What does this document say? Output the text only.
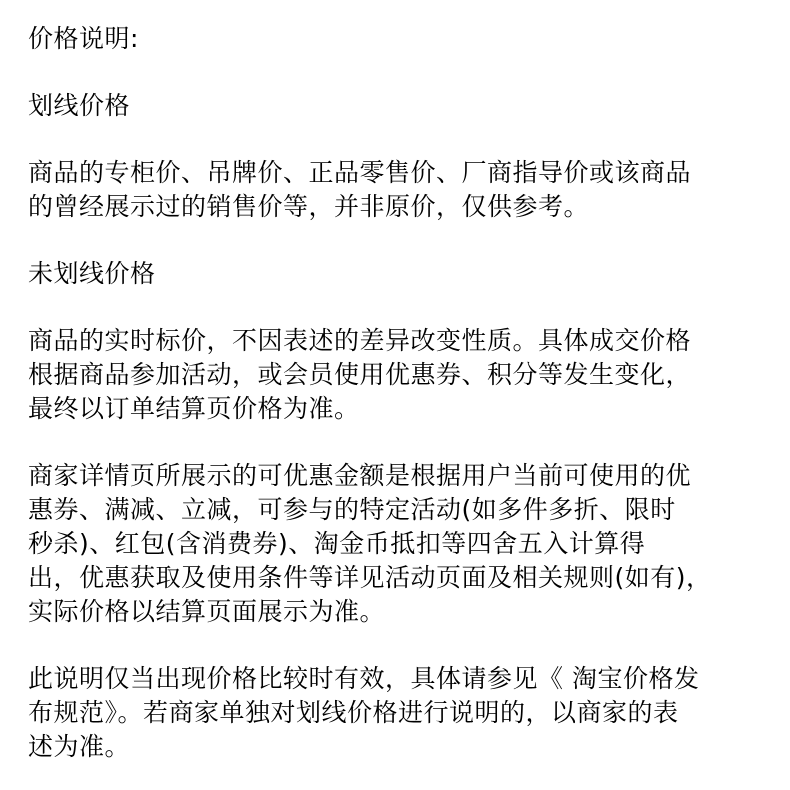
价格说明:
划线价格
商品的专柜价、吊牌价、正品零售价、厂商指导价或该商品
的曾经展示过的销售价等，并非原价，仅供参考。
未划线价格
商品的实时标价，不因表述的差异改变性质。具体成交价格
根据商品参加活动，或会员使用优惠券、积分等发生变化，
最终以订单结算页价格为准。
商家详情页所展示的可优惠金额是根据用户当前可使用的优
惠券、满减、立减，可参与的特定活动(如多件多折、限时
秒杀)、红包(含消费券)、淘金币抵扣等四舍五入计算得
出，优惠获取及使用条件等详见活动页面及相关规则(如有)，
实际价格以结算页面展示为准。
此说明仅当出现价格比较时有效，具体请参见《 淘宝价格发
布规范》。若商家单独对划线价格进行说明的，以商家的表
述为准。
